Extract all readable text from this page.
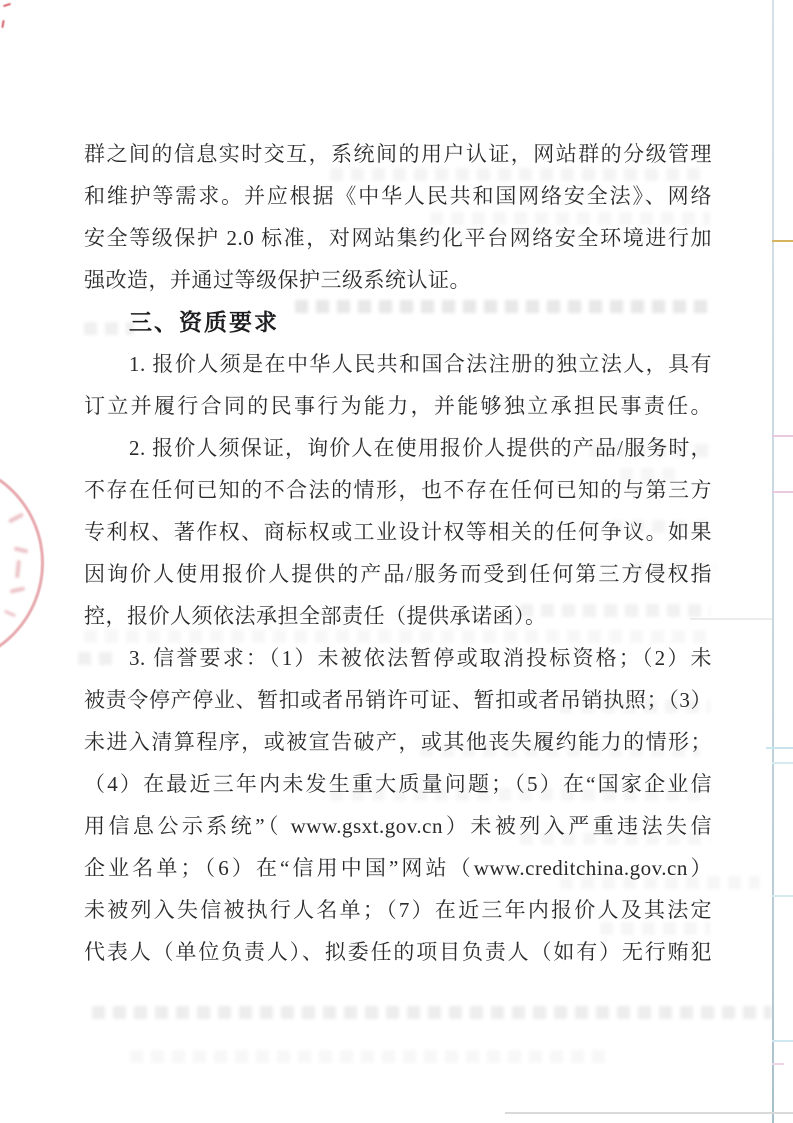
群之间的信息实时交互，系统间的用户认证，网站群的分级管理
和维护等需求。并应根据《中华人民共和国网络安全法》、网络
安全等级保护 2.0 标准，对网站集约化平台网络安全环境进行加
强改造，并通过等级保护三级系统认证。
三、资质要求
1. 报价人须是在中华人民共和国合法注册的独立法人，具有
订立并履行合同的民事行为能力，并能够独立承担民事责任。
2. 报价人须保证，询价人在使用报价人提供的产品/服务时，
不存在任何已知的不合法的情形，也不存在任何已知的与第三方
专利权、著作权、商标权或工业设计权等相关的任何争议。如果
因询价人使用报价人提供的产品/服务而受到任何第三方侵权指
控，报价人须依法承担全部责任（提供承诺函）。
3. 信誉要求：（1）未被依法暂停或取消投标资格；（2）未
被责令停产停业、暂扣或者吊销许可证、暂扣或者吊销执照；（3）
未进入清算程序，或被宣告破产，或其他丧失履约能力的情形；
（4）在最近三年内未发生重大质量问题；（5）在“国家企业信
用信息公示系统”（ www.gsxt.gov.cn）未被列入严重违法失信
企业名单；（6）在“信用中国”网站（www.creditchina.gov.cn）
未被列入失信被执行人名单；（7）在近三年内报价人及其法定
代表人（单位负责人）、拟委任的项目负责人（如有）无行贿犯
